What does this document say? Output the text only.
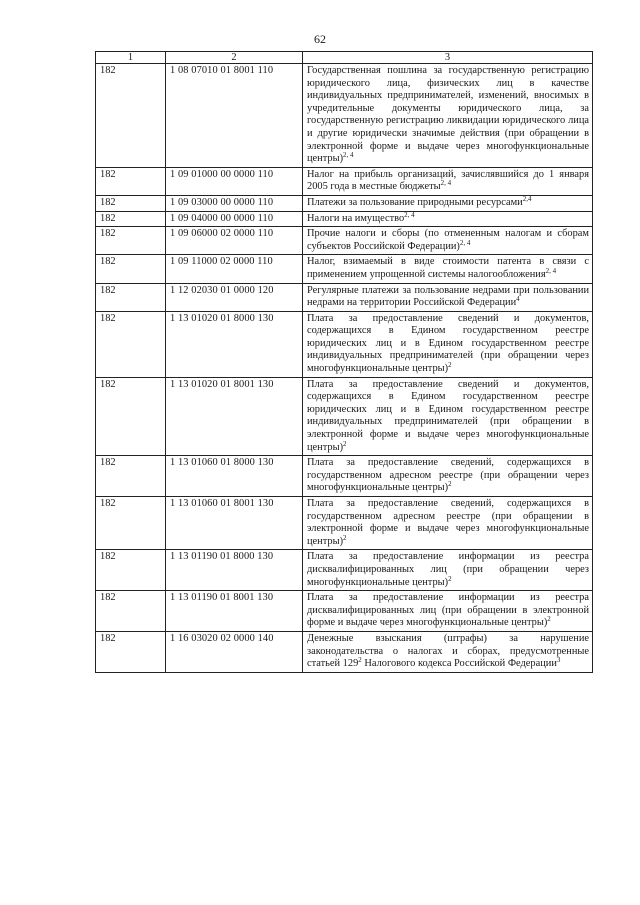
62
1	2	3
182	1 08 07010 01 8001 110	Государственная пошлина за государственную регистрацию юридического лица, физических лиц в качестве индивидуальных предпринимателей, изменений, вносимых в учредительные документы юридического лица, за государственную регистрацию ликвидации юридического лица и другие юридически значимые действия (при обращении в электронной форме и выдаче через многофункциональные центры)$^{2, 4}$
182	1 09 01000 00 0000 110	Налог на прибыль организаций, зачислявшийся до 1 января 2005 года в местные бюджеты$^{2, 4}$
182	1 09 03000 00 0000 110	Платежи за пользование природными ресурсами$^{2,4}$
182	1 09 04000 00 0000 110	Налоги на имущество$^{2, 4}$
182	1 09 06000 02 0000 110	Прочие налоги и сборы (по отмененным налогам и сборам субъектов Российской Федерации)$^{2, 4}$
182	1 09 11000 02 0000 110	Налог, взимаемый в виде стоимости патента в связи с применением упрощенной системы налогообложения$^{2, 4}$
182	1 12 02030 01 0000 120	Регулярные платежи за пользование недрами при пользовании недрами на территории Российской Федерации$^4$
182	1 13 01020 01 8000 130	Плата за предоставление сведений и документов, содержащихся в Едином государственном реестре юридических лиц и в Едином государственном реестре индивидуальных предпринимателей (при обращении через многофункциональные центры)$^2$
182	1 13 01020 01 8001 130	Плата за предоставление сведений и документов, содержащихся в Едином государственном реестре юридических лиц и в Едином государственном реестре индивидуальных предпринимателей (при обращении в электронной форме и выдаче через многофункциональные центры)$^2$
182	1 13 01060 01 8000 130	Плата за предоставление сведений, содержащихся в государственном адресном реестре (при обращении через многофункциональные центры)$^2$
182	1 13 01060 01 8001 130	Плата за предоставление сведений, содержащихся в государственном адресном реестре (при обращении в электронной форме и выдаче через многофункциональные центры)$^2$
182	1 13 01190 01 8000 130	Плата за предоставление информации из реестра дисквалифицированных лиц (при обращении через многофункциональные центры)$^2$
182	1 13 01190 01 8001 130	Плата за предоставление информации из реестра дисквалифицированных лиц (при обращении в электронной форме и выдаче через многофункциональные центры)$^2$
182	1 16 03020 02 0000 140	Денежные взыскания (штрафы) за нарушение законодательства о налогах и сборах, предусмотренные статьей 129$^2$ Налогового кодекса Российской Федерации$^3$
